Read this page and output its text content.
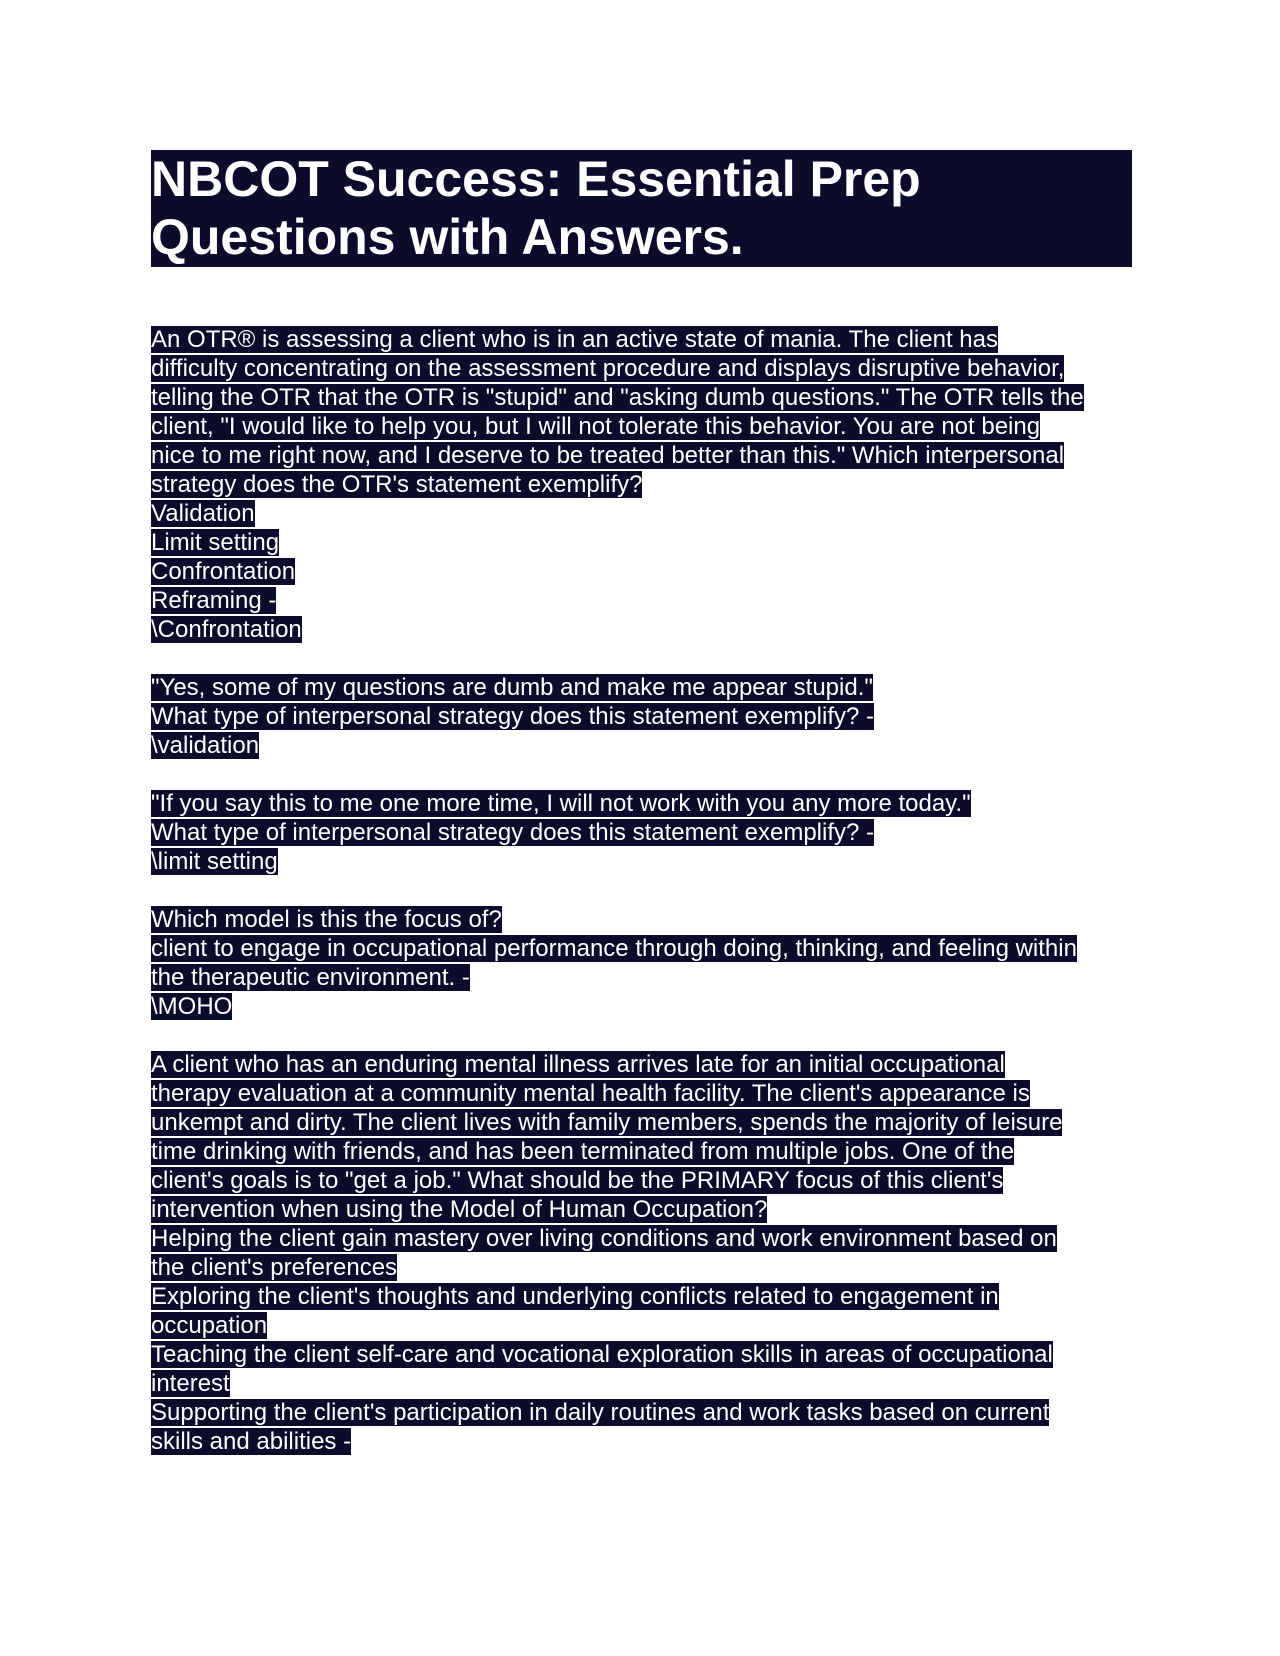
NBCOT Success: Essential Prep
Questions with Answers.
An OTR® is assessing a client who is in an active state of mania. The client has
difficulty concentrating on the assessment procedure and displays disruptive behavior,
telling the OTR that the OTR is "stupid" and "asking dumb questions." The OTR tells the
client, "I would like to help you, but I will not tolerate this behavior. You are not being
nice to me right now, and I deserve to be treated better than this." Which interpersonal
strategy does the OTR's statement exemplify?
Validation
Limit setting
Confrontation
Reframing -
\Confrontation
"Yes, some of my questions are dumb and make me appear stupid."
What type of interpersonal strategy does this statement exemplify? -
\validation
"If you say this to me one more time, I will not work with you any more today."
What type of interpersonal strategy does this statement exemplify? -
\limit setting
Which model is this the focus of?
client to engage in occupational performance through doing, thinking, and feeling within
the therapeutic environment. -
\MOHO
A client who has an enduring mental illness arrives late for an initial occupational
therapy evaluation at a community mental health facility. The client's appearance is
unkempt and dirty. The client lives with family members, spends the majority of leisure
time drinking with friends, and has been terminated from multiple jobs. One of the
client's goals is to "get a job." What should be the PRIMARY focus of this client's
intervention when using the Model of Human Occupation?
Helping the client gain mastery over living conditions and work environment based on
the client's preferences
Exploring the client's thoughts and underlying conflicts related to engagement in
occupation
Teaching the client self-care and vocational exploration skills in areas of occupational
interest
Supporting the client's participation in daily routines and work tasks based on current
skills and abilities -
